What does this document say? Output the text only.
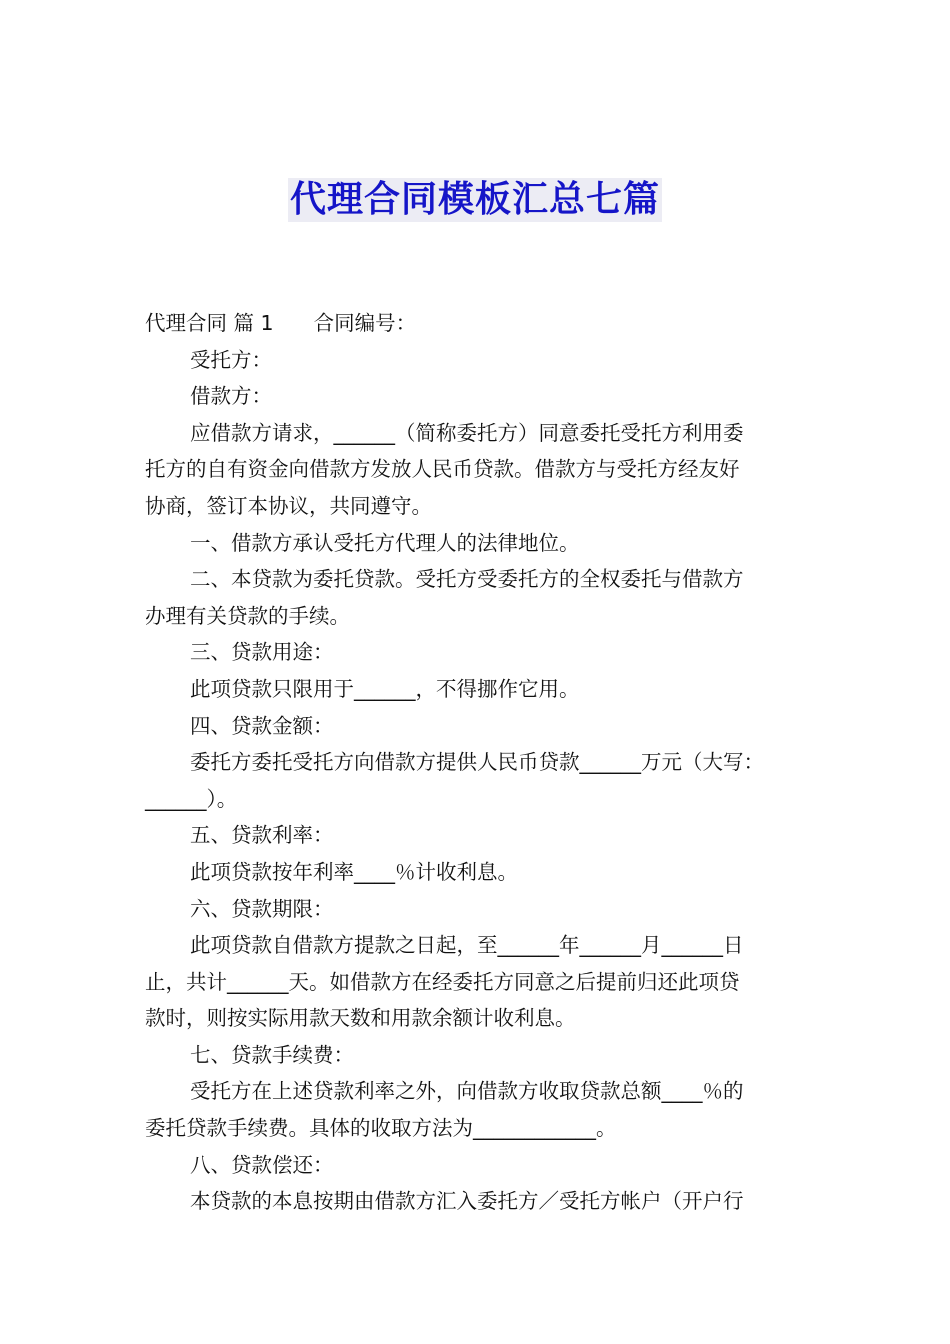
代理合同模板汇总七篇
代理合同 篇 1 合同编号：
受托方：
借款方：
应借款方请求，______（简称委托方）同意委托受托方利用委
托方的自有资金向借款方发放人民币贷款。借款方与受托方经友好
协商，签订本协议，共同遵守。
一、借款方承认受托方代理人的法律地位。
二、本贷款为委托贷款。受托方受委托方的全权委托与借款方
办理有关贷款的手续。
三、贷款用途：
此项贷款只限用于______，不得挪作它用。
四、贷款金额：
委托方委托受托方向借款方提供人民币贷款______万元（大写：
______）。
五、贷款利率：
此项贷款按年利率____％计收利息。
六、贷款期限：
此项贷款自借款方提款之日起，至______年______月______日
止，共计______天。如借款方在经委托方同意之后提前归还此项贷
款时，则按实际用款天数和用款余额计收利息。
七、贷款手续费：
受托方在上述贷款利率之外，向借款方收取贷款总额____％的
委托贷款手续费。具体的收取方法为____________。
八、贷款偿还：
本贷款的本息按期由借款方汇入委托方／受托方帐户（开户行
